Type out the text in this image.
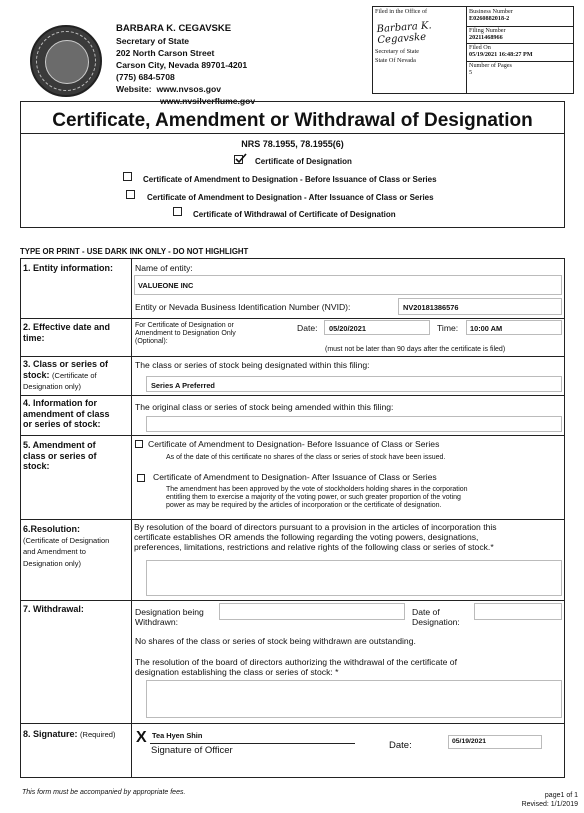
BARBARA K. CEGAVSKE
Secretary of State
202 North Carson Street
Carson City, Nevada 89701-4201
(775) 684-5708
Website: www.nvsos.gov
www.nvsilverflume.gov
Filed in the Office of
Barbara K. Cegavske
Secretary of State
State Of Nevada
Business Number
E0260882018-2
Filing Number
20211468966
Filed On
05/19/2021 16:48:27 PM
Number of Pages
5
Certificate, Amendment or Withdrawal of Designation
NRS 78.1955, 78.1955(6)
Certificate of Designation
Certificate of Amendment to Designation - Before Issuance of Class or Series
Certificate of Amendment to Designation - After Issuance of Class or Series
Certificate of Withdrawal of Certificate of Designation
TYPE OR PRINT - USE DARK INK ONLY - DO NOT HIGHLIGHT
1. Entity information:	Name of entity:
VALUEONE INC
Entity or Nevada Business Identification Number (NVID):	NV20181386576
2. Effective date and
time:
For Certificate of Designation or
Amendment to Designation Only
(Optional):
Date: 05/20/2021	Time: 10:00 AM
(must not be later than 90 days after the certificate is filed)
3. Class or series of
stock: (Certificate of
Designation only)
The class or series of stock being designated within this filing:
Series A Preferred
4. Information for
amendment of class
or series of stock:
The original class or series of stock being amended within this filing:
5. Amendment of
class or series of
stock:
Certificate of Amendment to Designation- Before Issuance of Class or Series
As of the date of this certificate no shares of the class or series of stock have been issued.
Certificate of Amendment to Designation- After Issuance of Class or Series
The amendment has been approved by the vote of stockholders holding shares in the corporation
entitling them to exercise a majority of the voting power, or such greater proportion of the voting
power as may be required by the articles of incorporation or the certificate of designation.
6.Resolution:
(Certificate of Designation
and Amendment to
Designation only)
By resolution of the board of directors pursuant to a provision in the articles of incorporation this
certificate establishes OR amends the following regarding the voting powers, designations,
preferences, limitations, restrictions and relative rights of the following class or series of stock.*
7. Withdrawal:	Designation being
Withdrawn:
Date of
Designation:
No shares of the class or series of stock being withdrawn are outstanding.
The resolution of the board of directors authorizing the withdrawal of the certificate of
designation establishing the class or series of stock: *
8. Signature: (Required) X Tea Hyen Shin
Signature of Officer	Date:	05/19/2021
This form must be accompanied by appropriate fees.	page1 of 1
Revised: 1/1/2019
